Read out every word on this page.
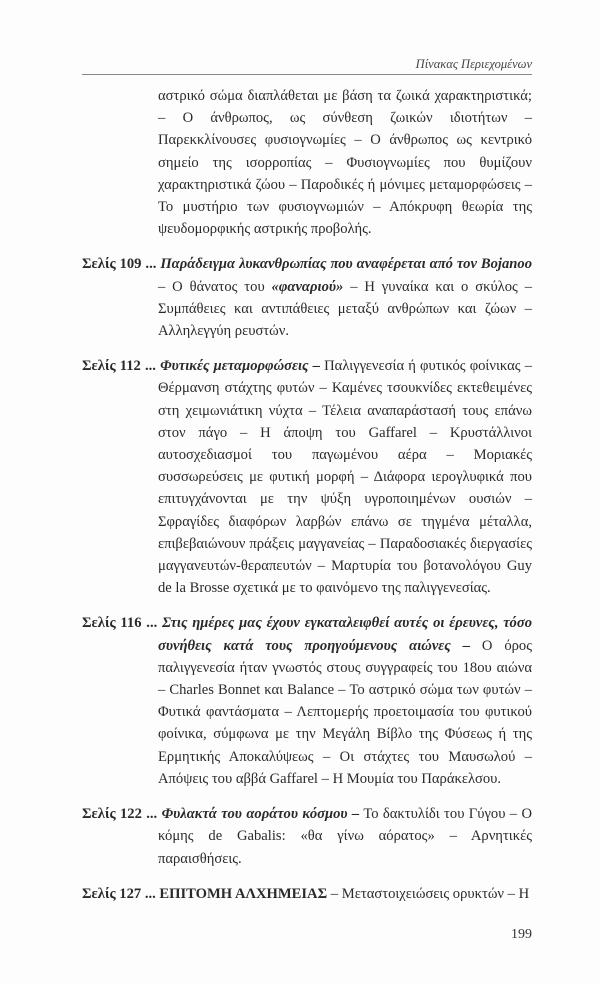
Πίνακας Περιεχομένων
αστρικό σώμα διαπλάθεται με βάση τα ζωικά χαρακτηριστικά; – Ο άνθρωπος, ως σύνθεση ζωικών ιδιοτήτων – Παρεκκλίνουσες φυσιογνωμίες – Ο άνθρωπος ως κεντρικό σημείο της ισορροπίας – Φυσιογνωμίες που θυμίζουν χαρακτηριστικά ζώου – Παροδικές ή μόνιμες μεταμορφώσεις – Το μυστήριο των φυσιογνωμιών – Απόκρυφη θεωρία της ψευδομορφικής αστρικής προβολής.
Σελίς 109 ... Παράδειγμα λυκανθρωπίας που αναφέρεται από τον Bojanoo – Ο θάνατος του «φαναριού» – Η γυναίκα και ο σκύλος – Συμπάθειες και αντιπάθειες μεταξύ ανθρώπων και ζώων – Αλληλεγγύη ρευστών.
Σελίς 112 ... Φυτικές μεταμορφώσεις – Παλιγγενεσία ή φυτικός φοίνικας – Θέρμανση στάχτης φυτών – Καμένες τσουκνίδες εκτεθειμένες στη χειμωνιάτικη νύχτα – Τέλεια αναπαράστασή τους επάνω στον πάγο – Η άποψη του Gaffarel – Κρυστάλλινοι αυτοσχεδιασμοί του παγωμένου αέρα – Μοριακές συσσωρεύσεις με φυτική μορφή – Διάφορα ιερογλυφικά που επιτυγχάνονται με την ψύξη υγροποιημένων ουσιών – Σφραγίδες διαφόρων λαρβών επάνω σε τηγμένα μέταλλα, επιβεβαιώνουν πράξεις μαγγανείας – Παραδοσιακές διεργασίες μαγγανευτών-θεραπευτών – Μαρτυρία του βοτανολόγου Guy de la Brosse σχετικά με το φαινόμενο της παλιγγενεσίας.
Σελίς 116 ... Στις ημέρες μας έχουν εγκαταλειφθεί αυτές οι έρευνες, τόσο συνήθεις κατά τους προηγούμενους αιώνες – Ο όρος παλιγγενεσία ήταν γνωστός στους συγγραφείς του 18ου αιώνα – Charles Bonnet και Balance – Το αστρικό σώμα των φυτών – Φυτικά φαντάσματα – Λεπτομερής προετοιμασία του φυτικού φοίνικα, σύμφωνα με την Μεγάλη Βίβλο της Φύσεως ή της Ερμητικής Αποκαλύψεως – Οι στάχτες του Μαυσωλού – Απόψεις του αββά Gaffarel – Η Μουμία του Παράκελσου.
Σελίς 122 ... Φυλακτά του αοράτου κόσμου – Το δακτυλίδι του Γύγου – Ο κόμης de Gabalis: «θα γίνω αόρατος» – Αρνητικές παραισθήσεις.
Σελίς 127 ... ΕΠΙΤΟΜΗ ΑΛΧΗΜΕΙΑΣ – Μεταστοιχειώσεις ορυκτών – Η
199
